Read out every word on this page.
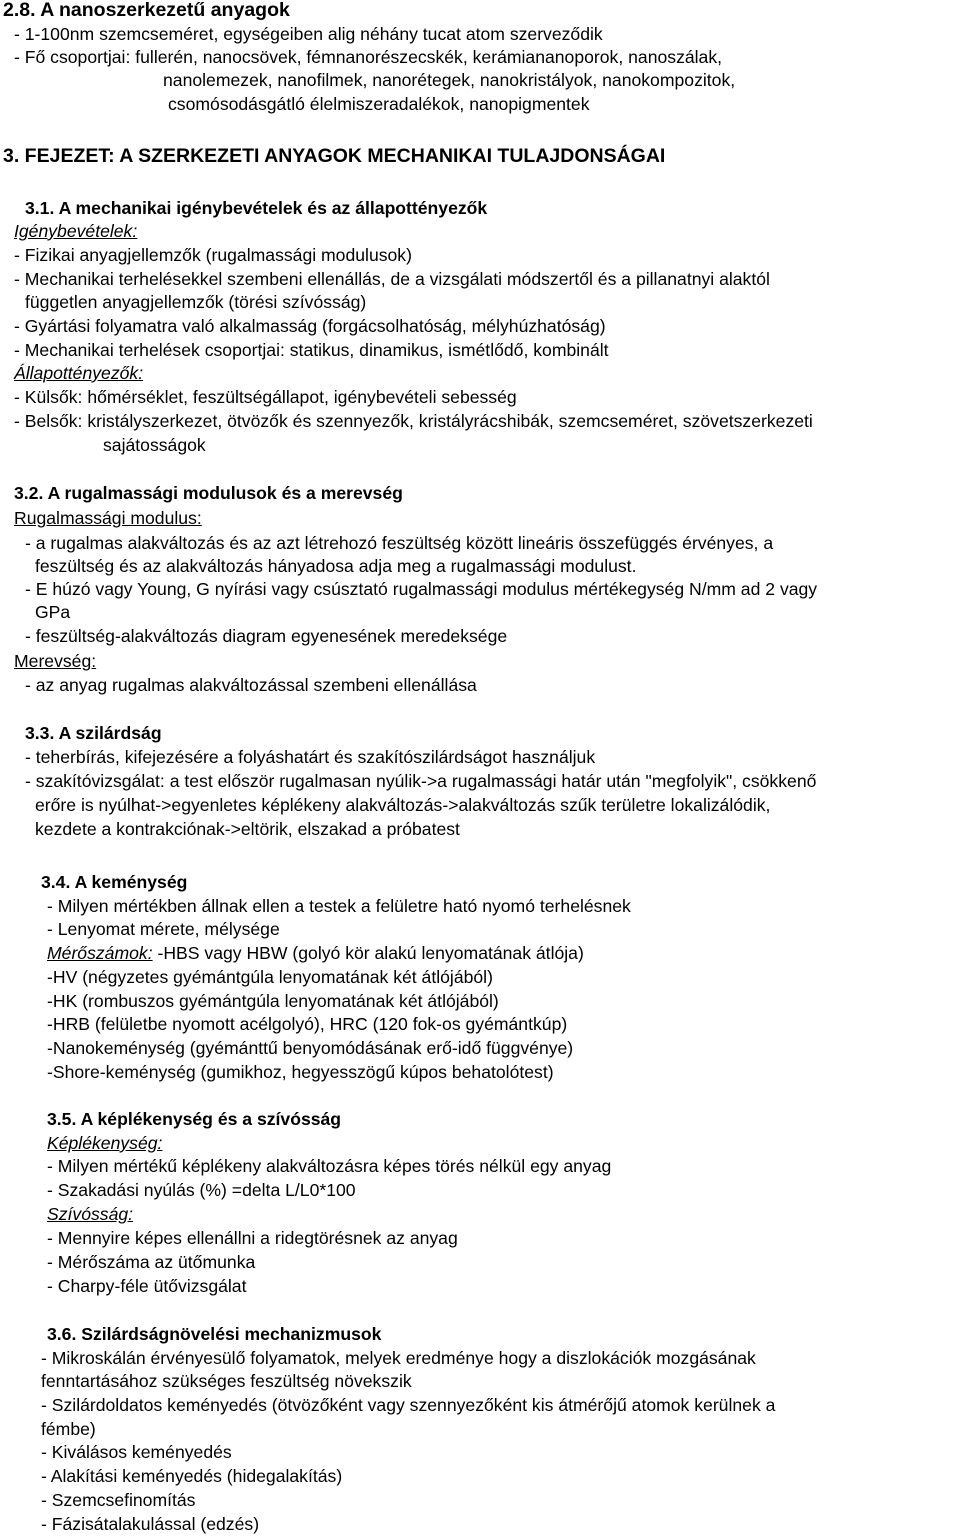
2.8. A nanoszerkezetű anyagok
- 1-100nm szemcseméret, egységeiben alig néhány tucat atom szerveződik
- Fő csoportjai: fullerén, nanocsövek, fémnanorészecskék, kerámiananoporok, nanoszálak,
nanolemezek, nanofilmek, nanorétegek, nanokristályok, nanokompozitok,
csomósodásgátló élelmiszeradalékok, nanopigmentek
3. FEJEZET: A SZERKEZETI ANYAGOK MECHANIKAI TULAJDONSÁGAI
3.1. A mechanikai igénybevételek és az állapottényezők
Igénybevételek:
- Fizikai anyagjellemzők (rugalmassági modulusok)
- Mechanikai terhelésekkel szembeni ellenállás, de a vizsgálati módszertől és a pillanatnyi alaktól
független anyagjellemzők (törési szívósság)
- Gyártási folyamatra való alkalmasság (forgácsolhatóság, mélyhúzhatóság)
- Mechanikai terhelések csoportjai: statikus, dinamikus, ismétlődő, kombinált
Állapottényezők:
- Külsők: hőmérséklet, feszültségállapot, igénybevételi sebesség
- Belsők: kristályszerkezet, ötvözők és szennyezők, kristályrácshibák, szemcseméret, szövetszerkezeti
sajátosságok
3.2. A rugalmassági modulusok és a merevség
Rugalmassági modulus:
- a rugalmas alakváltozás és az azt létrehozó feszültség között lineáris összefüggés érvényes, a
feszültség és az alakváltozás hányadosa adja meg a rugalmassági modulust.
- E húzó vagy Young, G nyírási vagy csúsztató rugalmassági modulus mértékegység N/mm ad 2 vagy
GPa
- feszültség-alakváltozás diagram egyenesének meredeksége
Merevség:
- az anyag rugalmas alakváltozással szembeni ellenállása
3.3. A szilárdság
- teherbírás, kifejezésére a folyáshatárt és szakítószilárdságot használjuk
- szakítóvizsgálat: a test először rugalmasan nyúlik->a rugalmassági határ után "megfolyik", csökkenő
erőre is nyúlhat->egyenletes képlékeny alakváltozás->alakváltozás szűk területre lokalizálódik,
kezdete a kontrakciónak->eltörik, elszakad a próbatest
3.4. A keménység
- Milyen mértékben állnak ellen a testek a felületre ható nyomó terhelésnek
- Lenyomat mérete, mélysége
Mérőszámok: -HBS vagy HBW (golyó kör alakú lenyomatának átlója)
-HV (négyzetes gyémántgúla lenyomatának két átlójából)
-HK (rombuszos gyémántgúla lenyomatának két átlójából)
-HRB (felületbe nyomott acélgolyó), HRC (120 fok-os gyémántkúp)
-Nanokeménység (gyémánttű benyomódásának erő-idő függvénye)
-Shore-keménység (gumikhoz, hegyesszögű kúpos behatolótest)
3.5. A képlékenység és a szívósság
Képlékenység:
- Milyen mértékű képlékeny alakváltozásra képes törés nélkül egy anyag
- Szakadási nyúlás (%) =delta L/L0*100
Szívósság:
- Mennyire képes ellenállni a ridegtörésnek az anyag
- Mérőszáma az ütőmunka
- Charpy-féle ütővizsgálat
3.6. Szilárdságnövelési mechanizmusok
- Mikroskálán érvényesülő folyamatok, melyek eredménye hogy a diszlokációk mozgásának
fenntartásához szükséges feszültség növekszik
- Szilárdoldatos keményedés (ötvözőként vagy szennyezőként kis átmérőjű atomok kerülnek a
fémbe)
- Kiválásos keményedés
- Alakítási keményedés (hidegalakítás)
- Szemcsefinomítás
- Fázisátalakulással (edzés)
